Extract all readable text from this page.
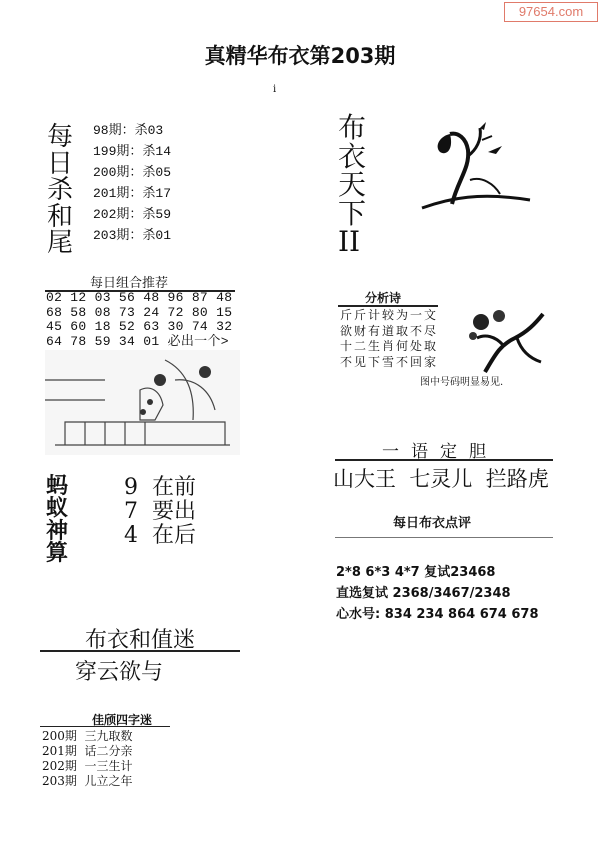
97654.com
真精华布衣第203期
i
每
日
杀
和
尾
98期：杀03
199期：杀14
200期：杀05
201期：杀17
202期：杀59
203期：杀01
布
衣
天
下
II
每日组合推荐
02 12 03 56 48 96 87 48
68 58 08 73 24 72 80 15
45 60 18 52 63 30 74 32
64 78 59 34 01 必出一个>
蚂
蚁
神
算
9 在前
7 要出
4 在后
分析诗
斤斤计较为一文
欲财有道取不尽
十二生肖何处取
不见下雪不回家
图中号码明显易见.
一语定胆
山大王  七灵儿  拦路虎
每日布衣点评
2*8 6*3 4*7 复试23468
直选复试 2368/3467/2348
心水号: 834 234 864 674 678
布衣和值迷
穿云欲与
佳颀四字迷
200期  三九取数
201期  话二分亲
202期  一三生计
203期  儿立之年
